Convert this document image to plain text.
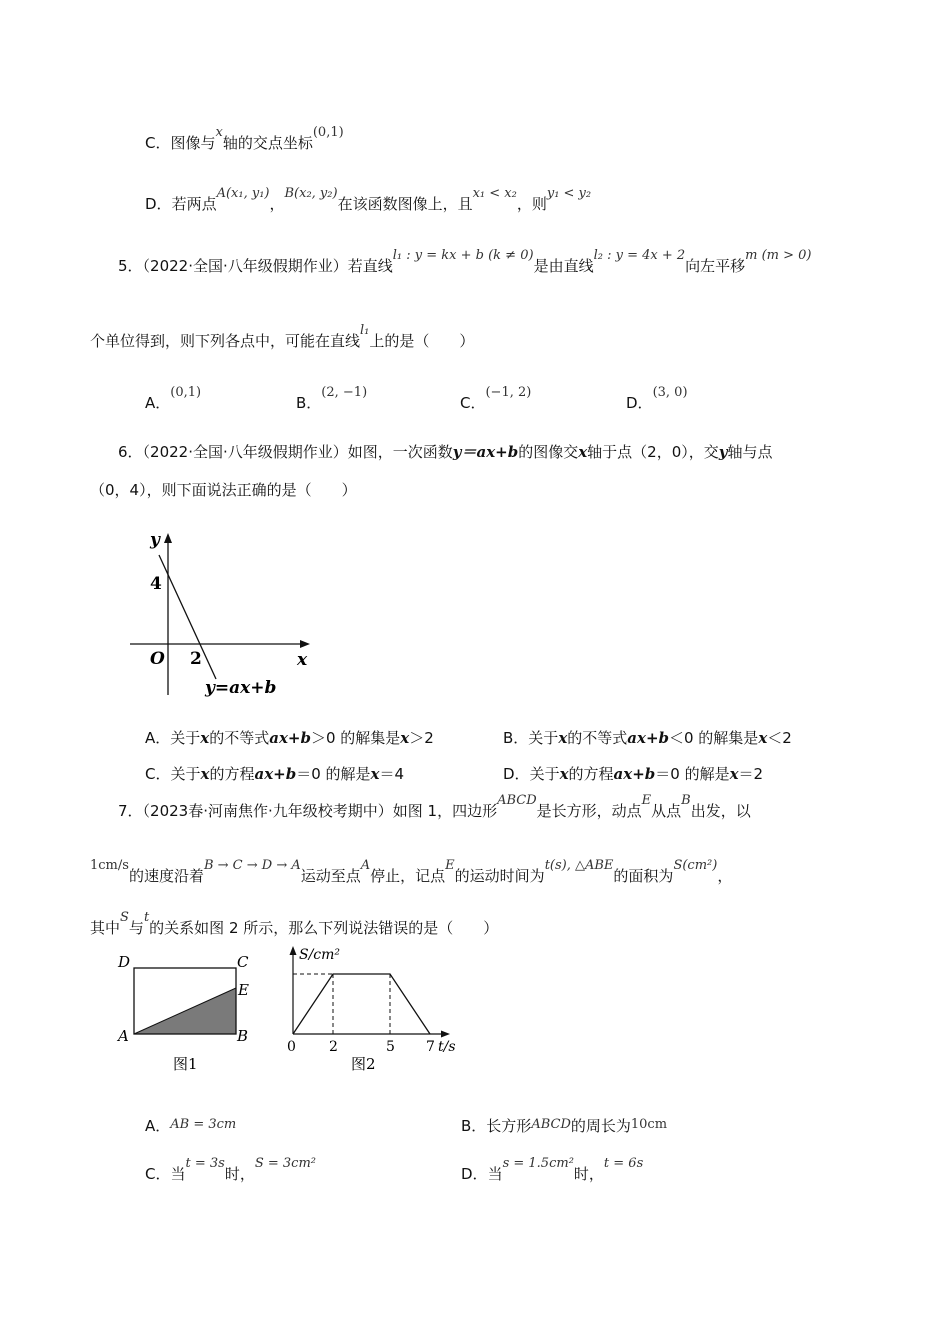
C．图像与x轴的交点坐标(0,1)
D．若两点A(x₁, y₁)，B(x₂, y₂)在该函数图像上，且x₁ < x₂，则y₁ < y₂
5．（2022·全国·八年级假期作业）若直线l₁ : y = kx + b (k ≠ 0)是由直线l₂ : y = 4x + 2向左平移m (m > 0)
个单位得到，则下列各点中，可能在直线l₁上的是（　　）
A．(0,1)
B．(2, −1)
C．(−1, 2)
D．(3, 0)
6．（2022·全国·八年级假期作业）如图，一次函数y＝ax+b的图像交x轴于点（2，0），交y轴与点
（0，4），则下面说法正确的是（　　）
y
x
O
4
2
y=ax+b
A．关于x的不等式ax+b＞0 的解集是x＞2	B．关于x的不等式ax+b＜0 的解集是x＜2
C．关于x的方程ax+b＝0 的解是x＝4	D．关于x的方程ax+b＝0 的解是x＝2
7．（2023春·河南焦作·九年级校考期中）如图 1，四边形ABCD是长方形，动点E从点B出发，以
1cm/s的速度沿着B → C → D → A运动至点A停止，记点E的运动时间为t(s), △ABE的面积为S(cm²)，
其中S与t的关系如图 2 所示，那么下列说法错误的是（　　）
D	C
E
A	B
图1
S/cm²
t/s
0 2	5 7
图2
A．AB = 3cm	B．长方形ABCD的周长为10cm
C．当t = 3s时，S = 3cm²
D．当s = 1.5cm²时，t = 6s
